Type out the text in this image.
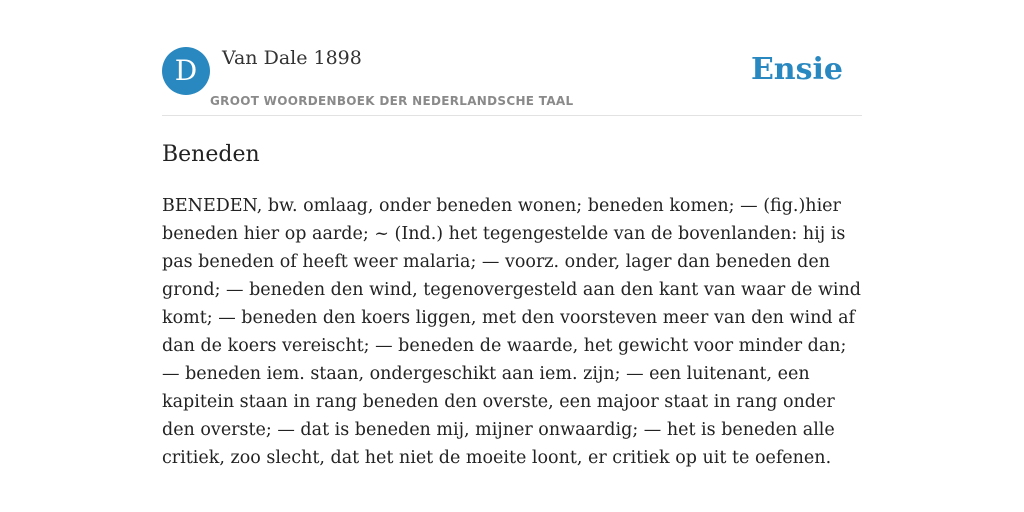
D	Van Dale 1898
GROOT WOORDENBOEK DER NEDERLANDSCHE TAAL
Ensie
Beneden

BENEDEN, bw. omlaag, onder beneden wonen; beneden komen; — (fig.)hier beneden hier op aarde; ~ (Ind.) het tegengestelde van de bovenlanden: hij is pas beneden of heeft weer malaria; — voorz. onder, lager dan beneden den grond; — beneden den wind, tegenovergesteld aan den kant van waar de wind komt; — beneden den koers liggen, met den voorsteven meer van den wind af dan de koers vereischt; — beneden de waarde, het gewicht voor minder dan; — beneden iem. staan, ondergeschikt aan iem. zijn; — een luitenant, een kapitein staan in rang beneden den overste, een majoor staat in rang onder den overste; — dat is beneden mij, mijner onwaardig; — het is beneden alle critiek, zoo slecht, dat het niet de moeite loont, er critiek op uit te oefenen.
